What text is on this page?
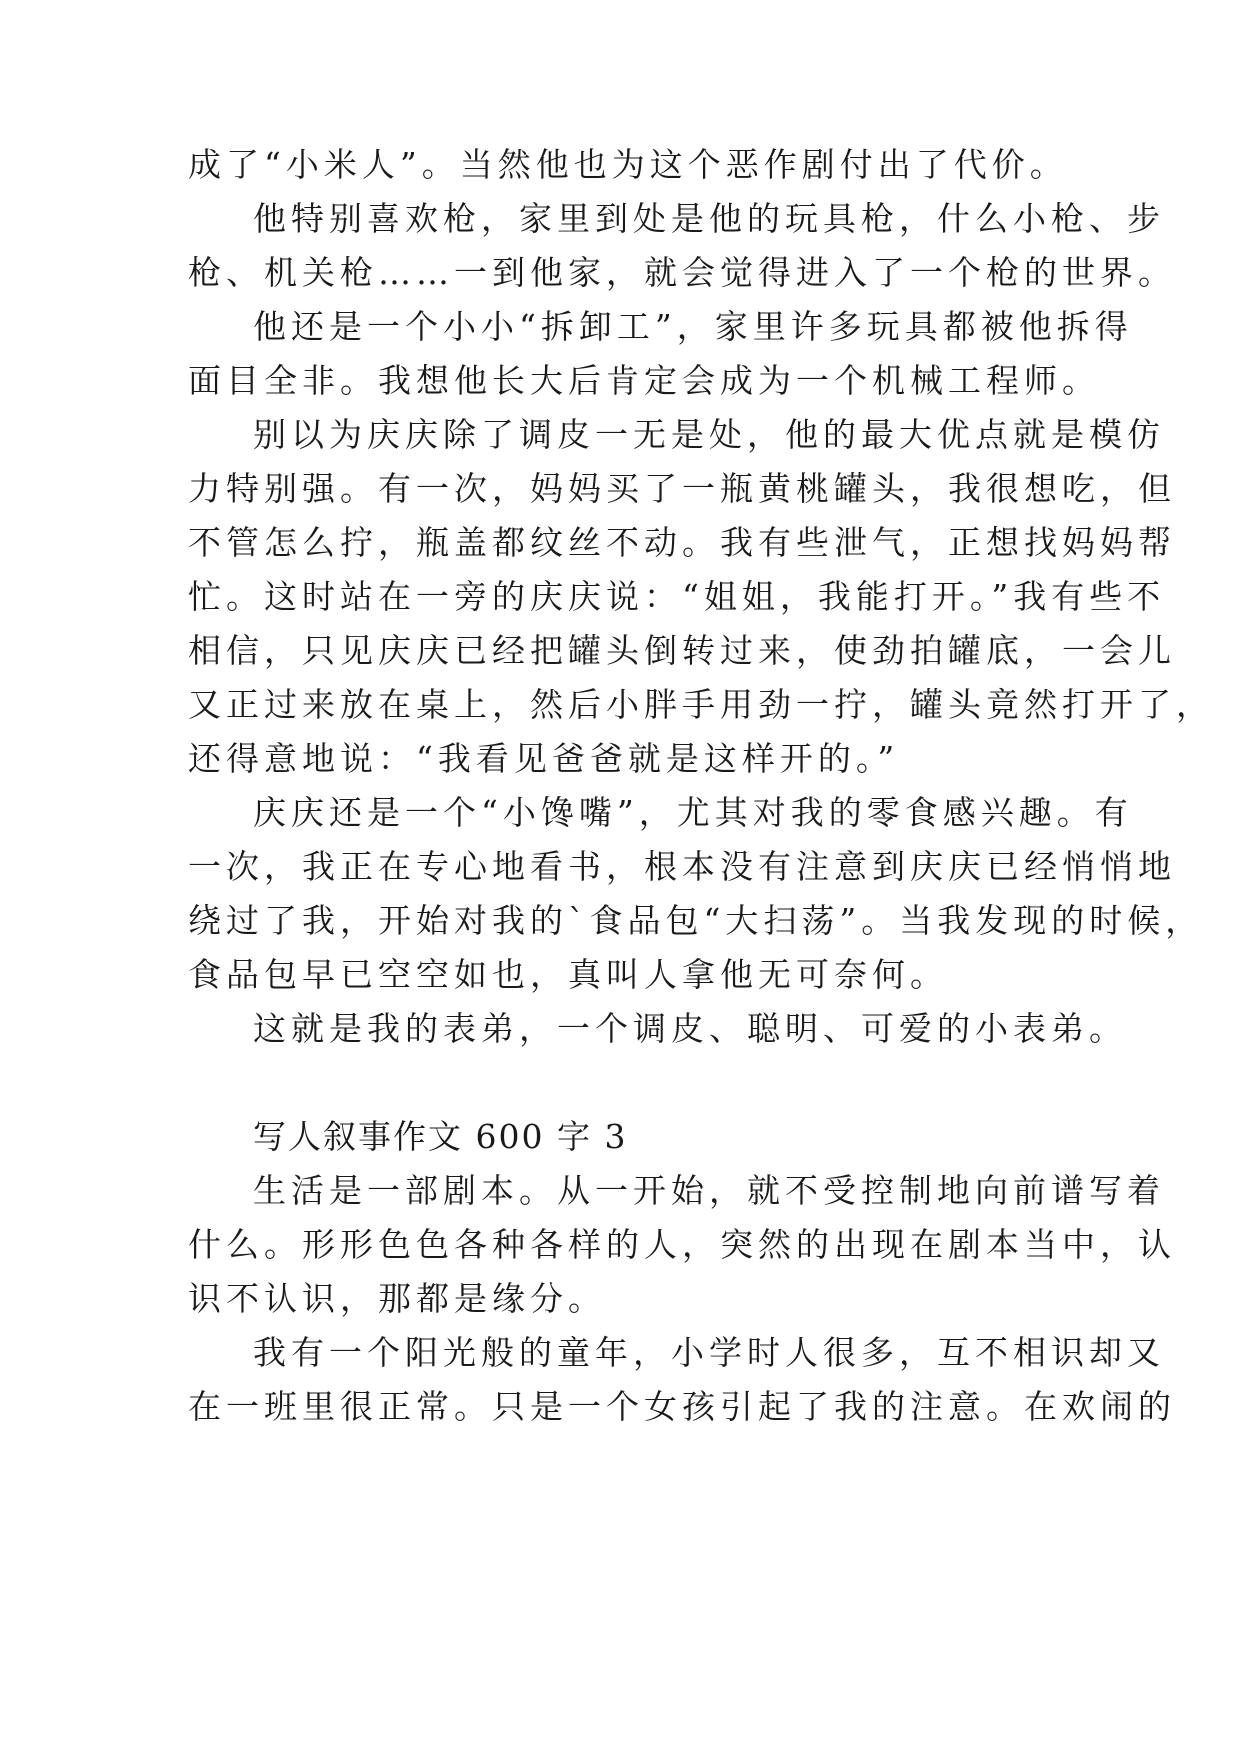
成了“小米人”。当然他也为这个恶作剧付出了代价。
他特别喜欢枪，家里到处是他的玩具枪，什么小枪、步
枪、机关枪……一到他家，就会觉得进入了一个枪的世界。
他还是一个小小“拆卸工”，家里许多玩具都被他拆得
面目全非。我想他长大后肯定会成为一个机械工程师。
别以为庆庆除了调皮一无是处，他的最大优点就是模仿
力特别强。有一次，妈妈买了一瓶黄桃罐头，我很想吃，但
不管怎么拧，瓶盖都纹丝不动。我有些泄气，正想找妈妈帮
忙。这时站在一旁的庆庆说：“姐姐，我能打开。”我有些不
相信，只见庆庆已经把罐头倒转过来，使劲拍罐底，一会儿
又正过来放在桌上，然后小胖手用劲一拧，罐头竟然打开了，
还得意地说：“我看见爸爸就是这样开的。”
庆庆还是一个“小馋嘴”，尤其对我的零食感兴趣。有
一次，我正在专心地看书，根本没有注意到庆庆已经悄悄地
绕过了我，开始对我的`食品包“大扫荡”。当我发现的时候，
食品包早已空空如也，真叫人拿他无可奈何。
这就是我的表弟，一个调皮、聪明、可爱的小表弟。
写人叙事作文 600 字 3
生活是一部剧本。从一开始，就不受控制地向前谱写着
什么。形形色色各种各样的人，突然的出现在剧本当中，认
识不认识，那都是缘分。
我有一个阳光般的童年，小学时人很多，互不相识却又
在一班里很正常。只是一个女孩引起了我的注意。在欢闹的
